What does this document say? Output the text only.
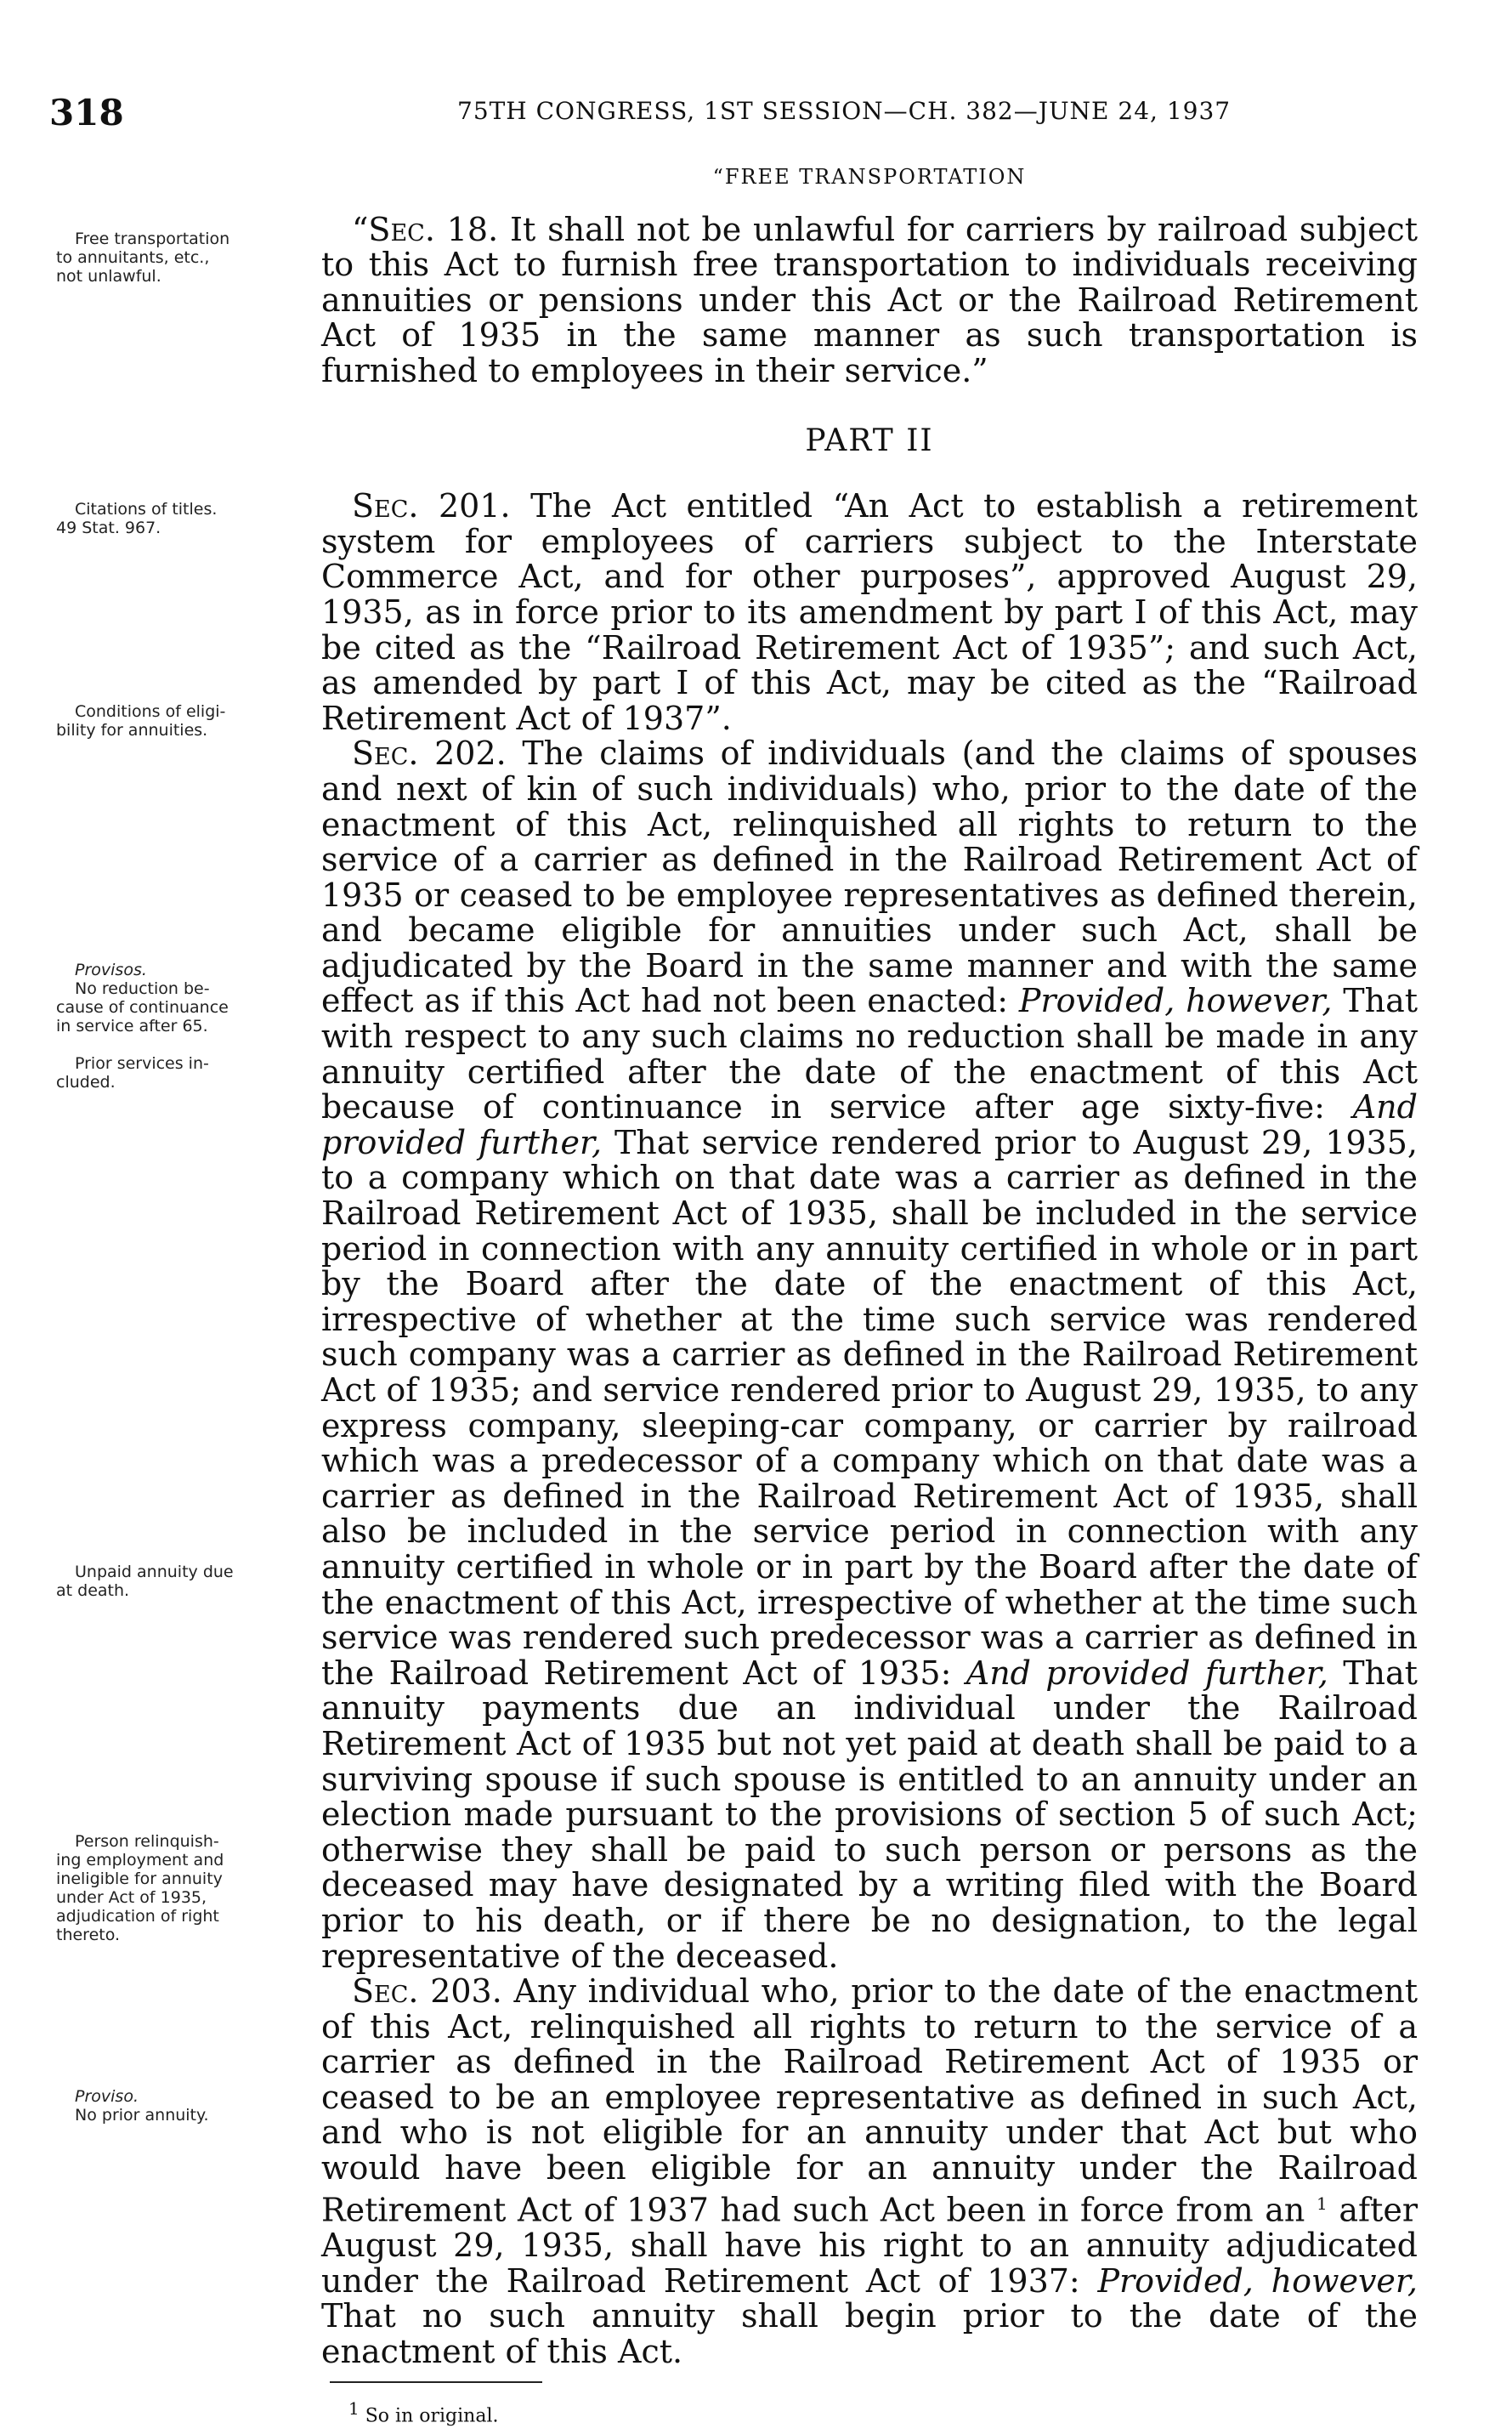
318	75TH CONGRESS, 1ST SESSION—CH. 382—JUNE 24, 1937
Free transportation
to annuitants, etc.,
not unlawful.
Citations of titles.
49 Stat. 967.
Conditions of eligi-
bility for annuities.
Provisos.
No reduction be-
cause of continuance
in service after 65.
Prior services in-
cluded.
Unpaid annuity due
at death.
Person relinquish-
ing employment and
ineligible for annuity
under Act of 1935,
adjudication of right
thereto.
Proviso.
No prior annuity.
“FREE TRANSPORTATION

“Sec. 18. It shall not be unlawful for carriers by railroad subject to this Act to furnish free transportation to individuals receiving annuities or pensions under this Act or the Railroad Retirement Act of 1935 in the same manner as such transportation is furnished to employees in their service.”

PART II

Sec. 201. The Act entitled “An Act to establish a retirement system for employees of carriers subject to the Interstate Commerce Act, and for other purposes”, approved August 29, 1935, as in force prior to its amendment by part I of this Act, may be cited as the “Railroad Retirement Act of 1935”; and such Act, as amended by part I of this Act, may be cited as the “Railroad Retirement Act of 1937”.

Sec. 202. The claims of individuals (and the claims of spouses and next of kin of such individuals) who, prior to the date of the enactment of this Act, relinquished all rights to return to the service of a carrier as defined in the Railroad Retirement Act of 1935 or ceased to be employee representatives as defined therein, and became eligible for annuities under such Act, shall be adjudicated by the Board in the same manner and with the same effect as if this Act had not been enacted: Provided, however, That with respect to any such claims no reduction shall be made in any annuity certified after the date of the enactment of this Act because of continuance in service after age sixty-five: And provided further, That service rendered prior to August 29, 1935, to a company which on that date was a carrier as defined in the Railroad Retirement Act of 1935, shall be included in the service period in connection with any annuity certified in whole or in part by the Board after the date of the enactment of this Act, irrespective of whether at the time such service was rendered such company was a carrier as defined in the Railroad Retirement Act of 1935; and service rendered prior to August 29, 1935, to any express company, sleeping-car company, or carrier by railroad which was a predecessor of a company which on that date was a carrier as defined in the Railroad Retirement Act of 1935, shall also be included in the service period in connection with any annuity certified in whole or in part by the Board after the date of the enactment of this Act, irrespective of whether at the time such service was rendered such predecessor was a carrier as defined in the Railroad Retirement Act of 1935: And provided further, That annuity payments due an individual under the Railroad Retirement Act of 1935 but not yet paid at death shall be paid to a surviving spouse if such spouse is entitled to an annuity under an election made pursuant to the provisions of section 5 of such Act; otherwise they shall be paid to such person or persons as the deceased may have designated by a writing filed with the Board prior to his death, or if there be no designation, to the legal representative of the deceased.

Sec. 203. Any individual who, prior to the date of the enactment of this Act, relinquished all rights to return to the service of a carrier as defined in the Railroad Retirement Act of 1935 or ceased to be an employee representative as defined in such Act, and who is not eligible for an annuity under that Act but who would have been eligible for an annuity under the Railroad Retirement Act of 1937 had such Act been in force from an $^1$ after August 29, 1935, shall have his right to an annuity adjudicated under the Railroad Retirement Act of 1937: Provided, however, That no such annuity shall begin prior to the date of the enactment of this Act.

$^1$ So in original.
